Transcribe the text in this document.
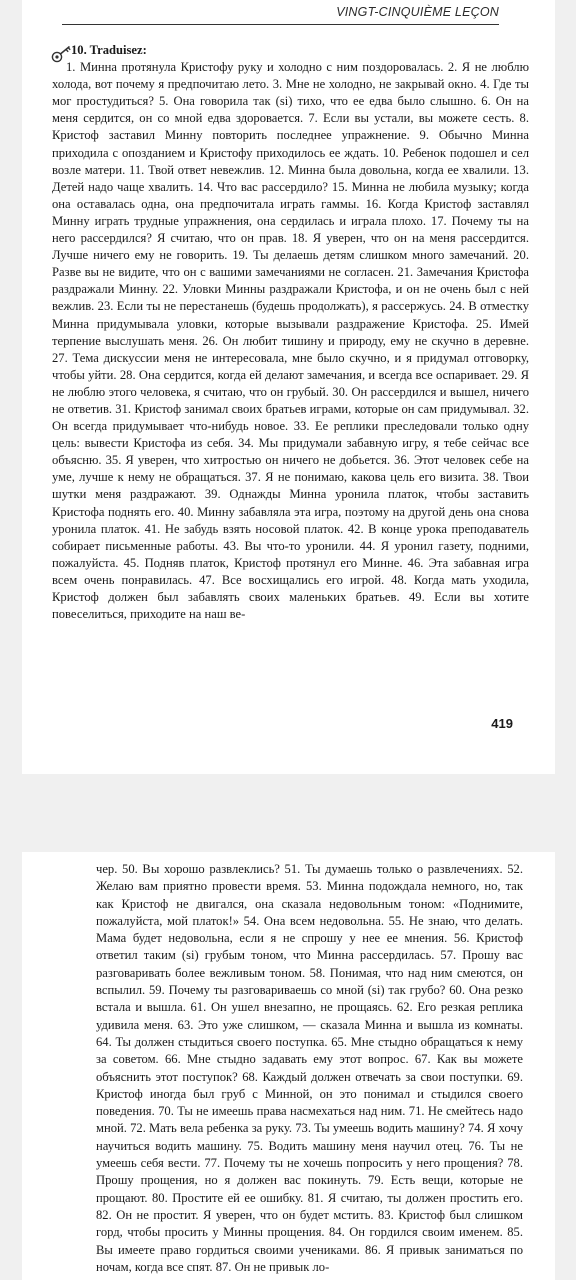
VINGT-CINQUIÈME LEÇON
10. Traduisez:
1. Минна протянула Кристофу руку и холодно с ним поздоровалась. 2. Я не люблю холода, вот почему я предпочитаю лето. 3. Мне не холодно, не закрывай окно. 4. Где ты мог простудиться? 5. Она говорила так (si) тихо, что ее едва было слышно. 6. Он на меня сердится, он со мной едва здоровается. 7. Если вы устали, вы можете сесть. 8. Кристоф заставил Минну повторить последнее упражнение. 9. Обычно Минна приходила с опозданием и Кристофу приходилось ее ждать. 10. Ребенок подошел и сел возле матери. 11. Твой ответ невежлив. 12. Минна была довольна, когда ее хвалили. 13. Детей надо чаще хвалить. 14. Что вас рассердило? 15. Минна не любила музыку; когда она оставалась одна, она предпочитала играть гаммы. 16. Когда Кристоф заставлял Минну играть трудные упражнения, она сердилась и играла плохо. 17. Почему ты на него рассердился? Я считаю, что он прав. 18. Я уверен, что он на меня рассердится. Лучше ничего ему не говорить. 19. Ты делаешь детям слишком много замечаний. 20. Разве вы не видите, что он с вашими замечаниями не согласен. 21. Замечания Кристофа раздражали Минну. 22. Уловки Минны раздражали Кристофа, и он не очень был с ней вежлив. 23. Если ты не перестанешь (будешь продолжать), я рассержусь. 24. В отместку Минна придумывала уловки, которые вызывали раздражение Кристофа. 25. Имей терпение выслушать меня. 26. Он любит тишину и природу, ему не скучно в деревне. 27. Тема дискуссии меня не интересовала, мне было скучно, и я придумал отговорку, чтобы уйти. 28. Она сердится, когда ей делают замечания, и всегда все оспаривает. 29. Я не люблю этого человека, я считаю, что он грубый. 30. Он рассердился и вышел, ничего не ответив. 31. Кристоф занимал своих братьев играми, которые он сам придумывал. 32. Он всегда придумывает что-нибудь новое. 33. Ее реплики преследовали только одну цель: вывести Кристофа из себя. 34. Мы придумали забавную игру, я тебе сейчас все объясню. 35. Я уверен, что хитростью он ничего не добьется. 36. Этот человек себе на уме, лучше к нему не обращаться. 37. Я не понимаю, какова цель его визита. 38. Твои шутки меня раздражают. 39. Однажды Минна уронила платок, чтобы заставить Кристофа поднять его. 40. Минну забавляла эта игра, поэтому на другой день она снова уронила платок. 41. Не забудь взять носовой платок. 42. В конце урока преподаватель собирает письменные работы. 43. Вы что-то уронили. 44. Я уронил газету, подними, пожалуйста. 45. Подняв платок, Кристоф протянул его Минне. 46. Эта забавная игра всем очень понравилась. 47. Все восхищались его игрой. 48. Когда мать уходила, Кристоф должен был забавлять своих маленьких братьев. 49. Если вы хотите повеселиться, приходите на наш ве-
419
чер. 50. Вы хорошо развлеклись? 51. Ты думаешь только о развлечениях. 52. Желаю вам приятно провести время. 53. Минна подождала немного, но, так как Кристоф не двигался, она сказала недовольным тоном: «Поднимите, пожалуйста, мой платок!» 54. Она всем недовольна. 55. Не знаю, что делать. Мама будет недовольна, если я не спрошу у нее ее мнения. 56. Кристоф ответил таким (si) грубым тоном, что Минна рассердилась. 57. Прошу вас разговаривать более вежливым тоном. 58. Понимая, что над ним смеются, он вспылил. 59. Почему ты разговариваешь со мной (si) так грубо? 60. Она резко встала и вышла. 61. Он ушел внезапно, не прощаясь. 62. Его резкая реплика удивила меня. 63. Это уже слишком, — сказала Минна и вышла из комнаты. 64. Ты должен стыдиться своего поступка. 65. Мне стыдно обращаться к нему за советом. 66. Мне стыдно задавать ему этот вопрос. 67. Как вы можете объяснить этот поступок? 68. Каждый должен отвечать за свои поступки. 69. Кристоф иногда был груб с Минной, он это понимал и стыдился своего поведения. 70. Ты не имеешь права насмехаться над ним. 71. Не смейтесь надо мной. 72. Мать вела ребенка за руку. 73. Ты умеешь водить машину? 74. Я хочу научиться водить машину. 75. Водить машину меня научил отец. 76. Ты не умеешь себя вести. 77. Почему ты не хочешь попросить у него прощения? 78. Прошу прощения, но я должен вас покинуть. 79. Есть вещи, которые не прощают. 80. Простите ей ее ошибку. 81. Я считаю, ты должен простить его. 82. Он не простит. Я уверен, что он будет мстить. 83. Кристоф был слишком горд, чтобы просить у Минны прощения. 84. Он гордился своим именем. 85. Вы имеете право гордиться своими учениками. 86. Я привык заниматься по ночам, когда все спят. 87. Он не привык ло-
